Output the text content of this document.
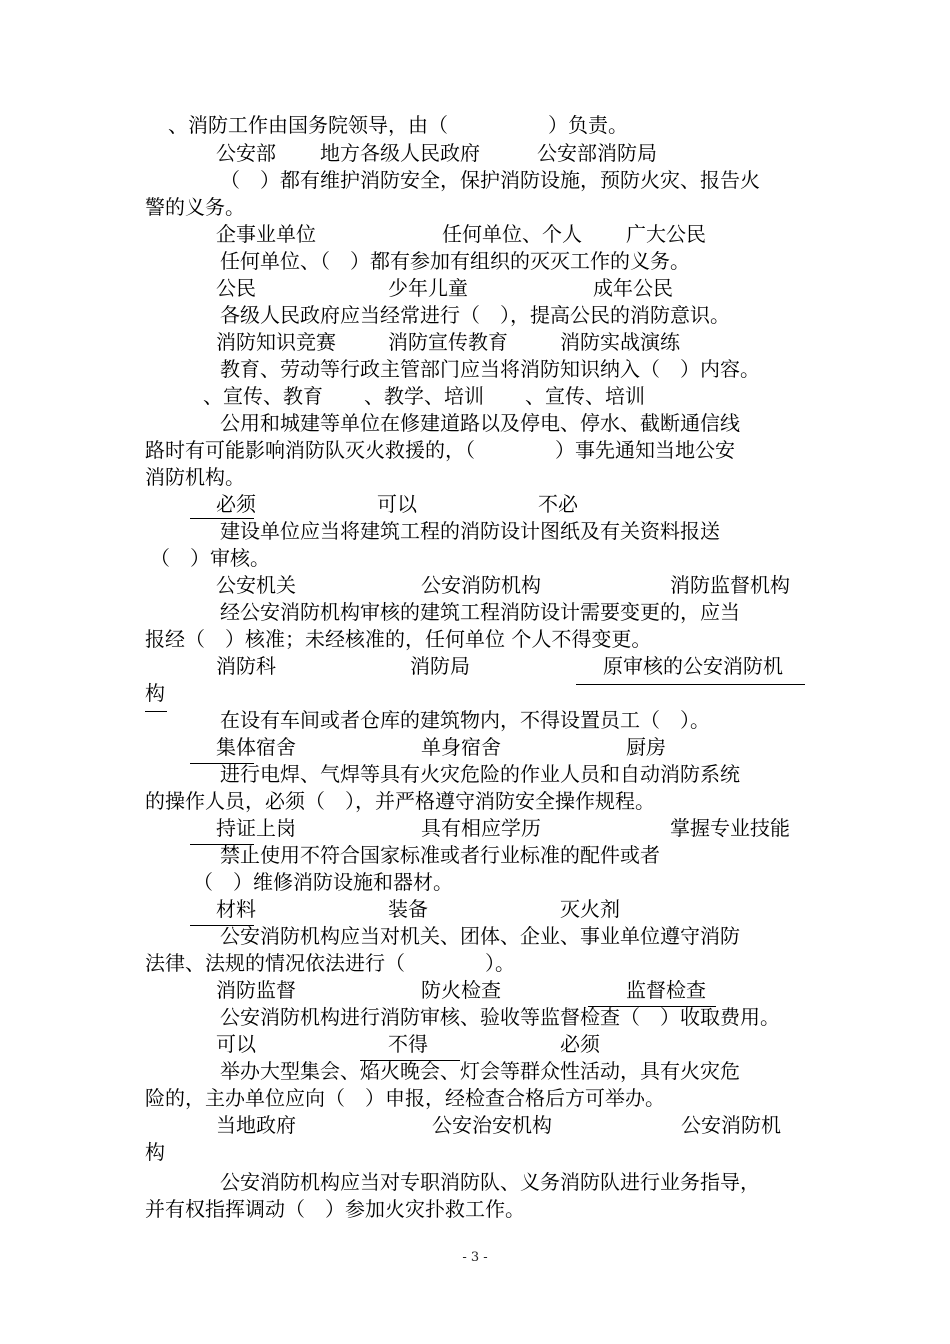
、消防工作由国务院领导，由（　　　　　）负责。
公安部 地方各级人民政府	公安部消防局
（　）都有维护消防安全，保护消防设施，预防火灾、报告火
警的义务。
企事业单位	任何单位、个人 广大公民
任何单位、（　）都有参加有组织的灭灭工作的义务。
公民	少年儿童	成年公民
各级人民政府应当经常进行（　），提高公民的消防意识。
消防知识竞赛	消防宣传教育	消防实战演练
教育、劳动等行政主管部门应当将消防知识纳入（　）内容。
、宣传、教育 、教学、培训 、宣传、培训
公用和城建等单位在修建道路以及停电、停水、截断通信线
路时有可能影响消防队灭火救援的，（　　　　）事先通知当地公安
消防机构。
必须	可以	不必
建设单位应当将建筑工程的消防设计图纸及有关资料报送
（　）审核。
公安机关	公安消防机构	消防监督机构
经公安消防机构审核的建筑工程消防设计需要变更的，应当
报经（　）核准；未经核准的，任何单位 个人不得变更。
消防科	消防局	原审核的公安消防机
构
在设有车间或者仓库的建筑物内，不得设置员工（　）。
集体宿舍	单身宿舍	厨房
进行电焊、气焊等具有火灾危险的作业人员和自动消防系统
的操作人员，必须（　），并严格遵守消防安全操作规程。
持证上岗	具有相应学历	掌握专业技能
禁止使用不符合国家标准或者行业标准的配件或者
（　）维修消防设施和器材。
材料	装备	灭火剂
公安消防机构应当对机关、团体、企业、事业单位遵守消防
法律、法规的情况依法进行（　　　　）。
消防监督	防火检查	监督检查
公安消防机构进行消防审核、验收等监督检查（　）收取费用。
可以	不得	必须
举办大型集会、焰火晚会、灯会等群众性活动，具有火灾危
险的，主办单位应向（　）申报，经检查合格后方可举办。
当地政府	公安治安机构	公安消防机
构
公安消防机构应当对专职消防队、义务消防队进行业务指导，
并有权指挥调动（　）参加火灾扑救工作。
- 3 -
